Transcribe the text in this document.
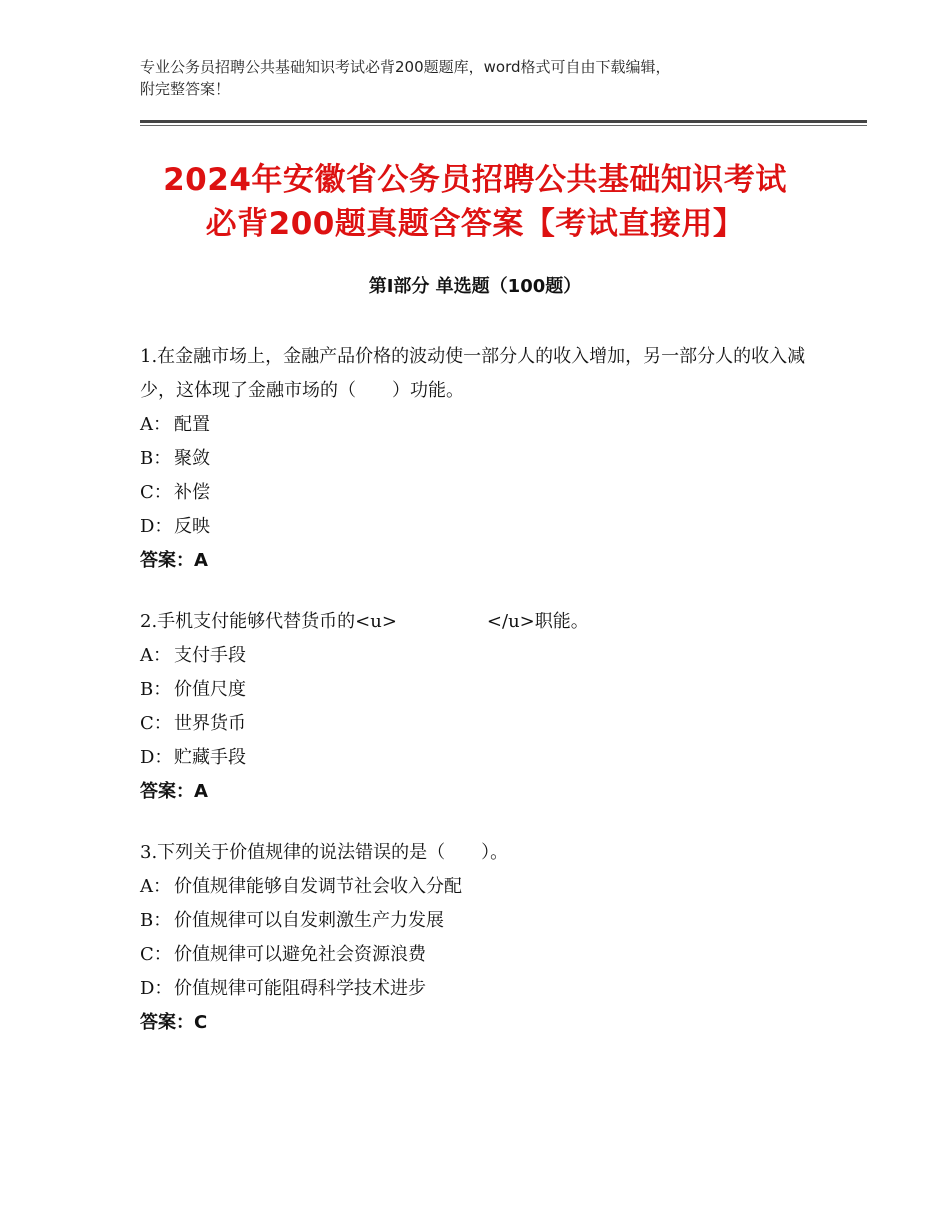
专业公务员招聘公共基础知识考试必背200题题库，word格式可自由下载编辑，
附完整答案！
2024年安徽省公务员招聘公共基础知识考试
必背200题真题含答案【考试直接用】
第Ⅰ部分 单选题（100题）

1.在金融市场上，金融产品价格的波动使一部分人的收入增加，另一部分人的收入减少，这体现了金融市场的（　　）功能。

A： 配置
B： 聚敛
C： 补偿
D：反映
答案：A

2.手机支付能够代替货币的<u>　　　　　</u>职能。

A： 支付手段
B： 价值尺度
C： 世界货币
D：贮藏手段
答案：A

3.下列关于价值规律的说法错误的是（　　）。

A： 价值规律能够自发调节社会收入分配
B： 价值规律可以自发刺激生产力发展
C： 价值规律可以避免社会资源浪费
D：价值规律可能阻碍科学技术进步
答案：C
